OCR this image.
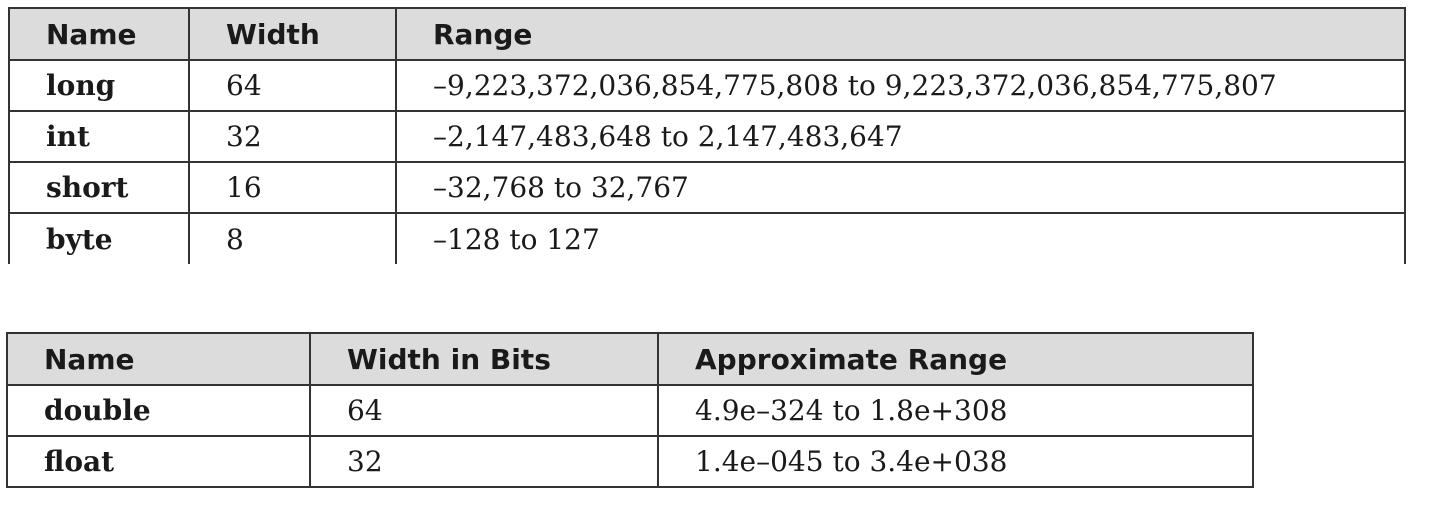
Name	Width	Range
long	64	–9,223,372,036,854,775,808 to 9,223,372,036,854,775,807
int	32	–2,147,483,648 to 2,147,483,647
short	16	–32,768 to 32,767
byte	8	–128 to 127
Name	Width in Bits	Approximate Range
double	64	4.9e–324 to 1.8e+308
float	32	1.4e–045 to 3.4e+038
